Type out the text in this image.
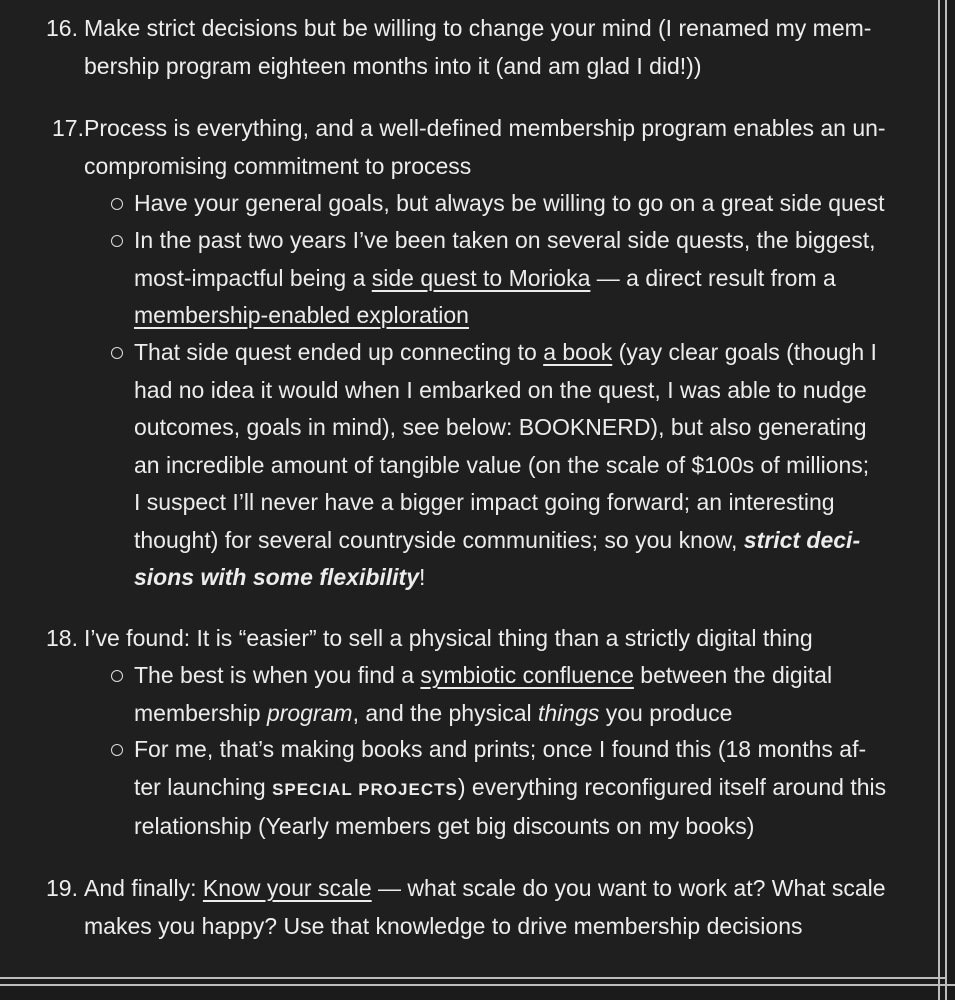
16. Make strict decisions but be willing to change your mind (I renamed my mem-
bership program eighteen months into it (and am glad I did!))
17. Process is everything, and a well-defined membership program enables an un-
compromising commitment to process
Have your general goals, but always be willing to go on a great side quest
In the past two years I’ve been taken on several side quests, the biggest,
most-impactful being a side quest to Morioka — a direct result from a
membership-enabled exploration
That side quest ended up connecting to a book (yay clear goals (though I
had no idea it would when I embarked on the quest, I was able to nudge
outcomes, goals in mind), see below: BOOKNERD), but also generating
an incredible amount of tangible value (on the scale of $100s of millions;
I suspect I’ll never have a bigger impact going forward; an interesting
thought) for several countryside communities; so you know, strict deci-
sions with some flexibility!
18. I’ve found: It is “easier” to sell a physical thing than a strictly digital thing
The best is when you find a symbiotic confluence between the digital
membership program, and the physical things you produce
For me, that’s making books and prints; once I found this (18 months af-
ter launching SPECIAL PROJECTS) everything reconfigured itself around this
relationship (Yearly members get big discounts on my books)
19. And finally: Know your scale — what scale do you want to work at? What scale
makes you happy? Use that knowledge to drive membership decisions
